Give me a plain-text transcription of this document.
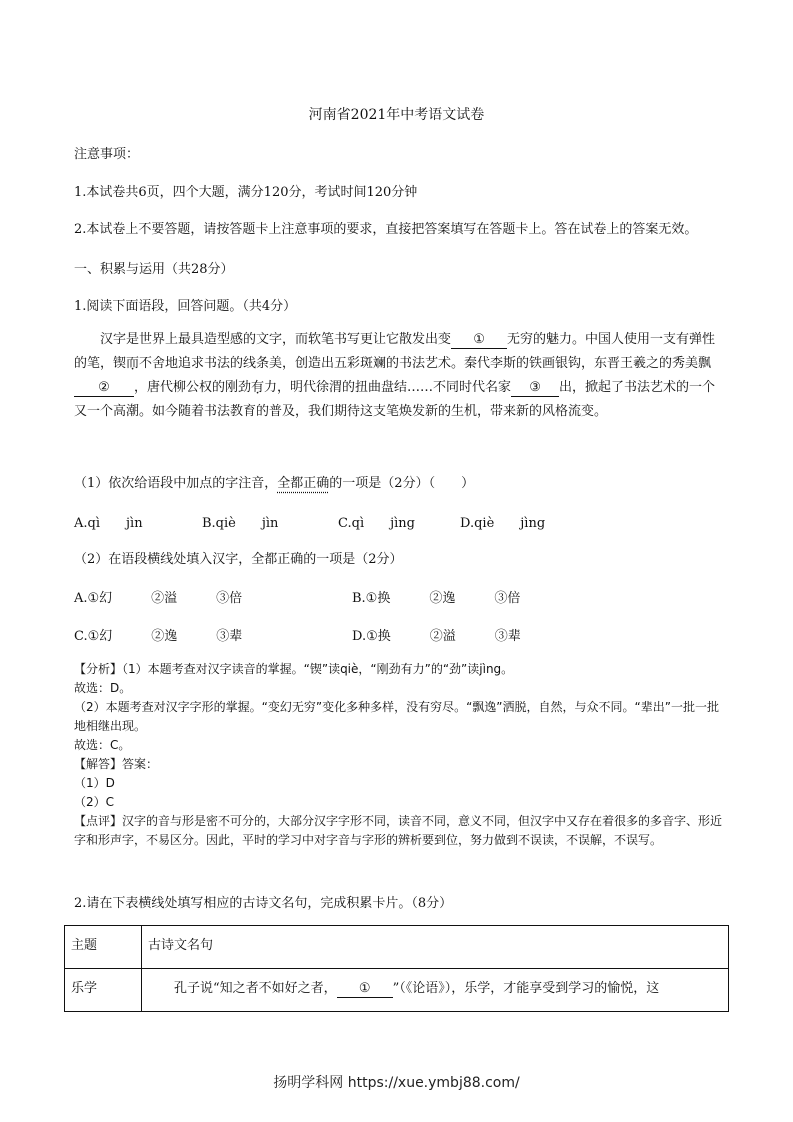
河南省2021年中考语文试卷
注意事项：
1.本试卷共6页，四个大题，满分120分，考试时间120分钟
2.本试卷上不要答题，请按答题卡上注意事项的要求，直接把答案填写在答题卡上。答在试卷上的答案无效。
一、积累与运用（共28分）
1.阅读下面语段，回答问题。（共4分）
汉字是世界上最具造型感的文字，而软笔书写更让它散发出变 ① 无穷的魅力。中国人使用一支有弹性的笔，锲而不舍地追求书法的线条美，创造出五彩斑斓的书法艺术。秦代李斯的铁画银钩，东晋王羲之的秀美飘② ，唐代柳公权的刚劲有力，明代徐渭的扭曲盘结……不同时代名家 ③ 出，掀起了书法艺术的一个又一个高潮。如今随着书法教育的普及，我们期待这支笔焕发新的生机，带来新的风格流变。
（1）依次给语段中加点的字注音，全都正确的一项是（2分）（　　）
A.qì　　jìn	B.qiè　　jìn	C.qì　　jìng	D.qiè　　jìng
（2）在语段横线处填入汉字，全都正确的一项是（2分）
A.①幻　　　②溢　　　③倍	B.①换　　　②逸　　　③倍
C.①幻　　　②逸　　　③辈	D.①换　　　②溢　　　③辈
【分析】（1）本题考查对汉字读音的掌握。“锲”读qiè，“刚劲有力”的“劲”读jìng。
故选：D。
（2）本题考查对汉字字形的掌握。“变幻无穷”变化多种多样，没有穷尽。“飘逸”洒脱，自然，与众不同。“辈出”一批一批地相继出现。
故选：C。
【解答】答案：
（1）D
（2）C
【点评】汉字的音与形是密不可分的，大部分汉字字形不同，读音不同，意义不同，但汉字中又存在着很多的多音字、形近字和形声字，不易区分。因此，平时的学习中对字音与字形的辨析要到位，努力做到不误读，不误解，不误写。
2.请在下表横线处填写相应的古诗文名句，完成积累卡片。（8分）
主题	古诗文名句
乐学	孔子说“知之者不如好之者， ① ”（《论语》），乐学，才能享受到学习的愉悦，这
扬明学科网 https://xue.ymbj88.com/
